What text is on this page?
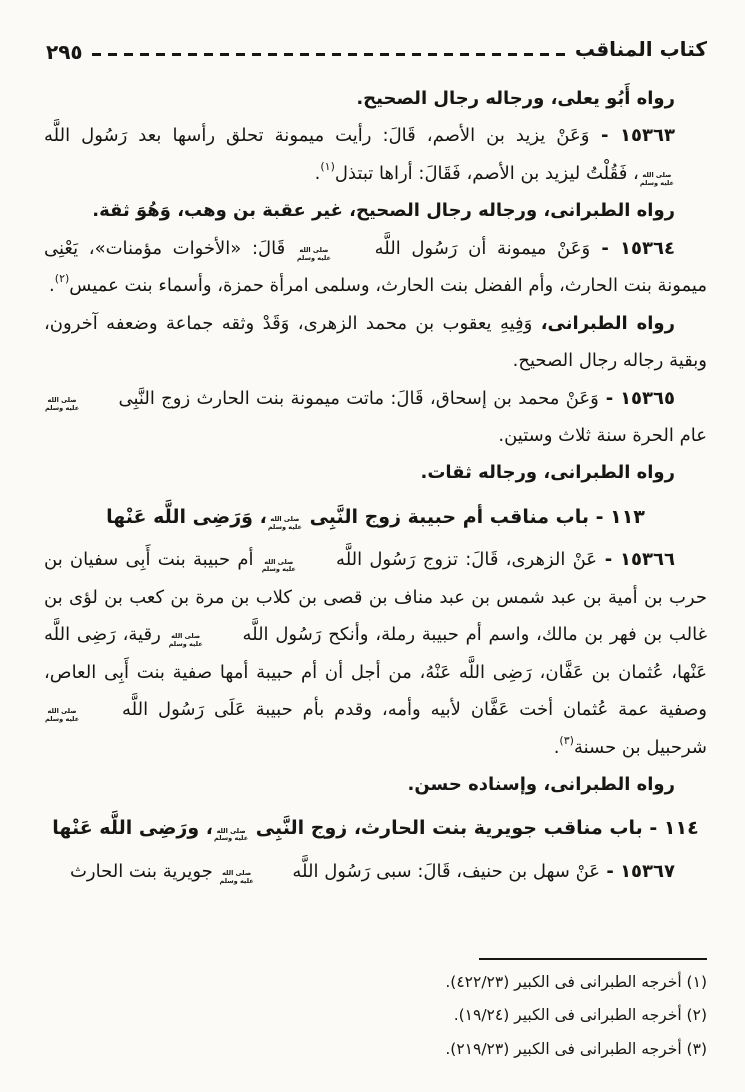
كتاب المناقب
٢٩٥

رواه أَبُو يعلى، ورجاله رجال الصحيح.

١٥٣٦٣ - وَعَنْ يزيد بن الأصم، قَالَ: رأيت ميمونة تحلق رأسها بعد رَسُول اللَّه
صلى الله
عليه وسلم
، فَقُلْتُ ليزيد بن الأصم، فَقَالَ: أراها تبتذل$^{(١)}$.

رواه الطبرانى، ورجاله رجال الصحيح، غير عقبة بن وهب، وَهُوَ ثقة.

١٥٣٦٤ - وَعَنْ ميمونة أن رَسُول اللَّه
صلى الله
عليه وسلم
قَالَ: «الأخوات مؤمنات»، يَعْنِى ميمونة بنت الحارث، وأم الفضل بنت الحارث، وسلمى امرأة حمزة، وأسماء بنت عميس$^{(٢)}$.

رواه الطبرانى، وَفِيهِ يعقوب بن محمد الزهرى، وَقَدْ وثقه جماعة وضعفه آخرون، وبقية رجاله رجال الصحيح.

١٥٣٦٥ - وَعَنْ محمد بن إسحاق، قَالَ: ماتت ميمونة بنت الحارث زوج النَّبِى
صلى الله
عليه وسلم
عام الحرة سنة ثلاث وستين.

رواه الطبرانى، ورجاله ثقات.

١١٣ - باب مناقب أم حبيبة زوج النَّبِى
صلى الله
عليه وسلم
، وَرَضِى اللَّه عَنْها

١٥٣٦٦ - عَنْ الزهرى، قَالَ: تزوج رَسُول اللَّه
صلى الله
عليه وسلم
أم حبيبة بنت أَبِى سفيان بن حرب بن أمية بن عبد شمس بن عبد مناف بن قصى بن كلاب بن مرة بن كعب بن لؤى بن غالب بن فهر بن مالك، واسم أم حبيبة رملة، وأنكح رَسُول اللَّه
صلى الله
عليه وسلم
رقية، رَضِى اللَّه عَنْها، عُثمان بن عَفَّان، رَضِى اللَّه عَنْهُ، من أجل أن أم حبيبة أمها صفية بنت أَبِى العاص، وصفية عمة عُثمان أخت عَفَّان لأبيه وأمه، وقدم بأم حبيبة عَلَى رَسُول اللَّه
صلى الله
عليه وسلم
شرحبيل بن حسنة$^{(٣)}$.

رواه الطبرانى، وإسناده حسن.

١١٤ - باب مناقب جويرية بنت الحارث، زوج النَّبِى
صلى الله
عليه وسلم
، ورَضِى اللَّه عَنْها

١٥٣٦٧ - عَنْ سهل بن حنيف، قَالَ: سبى رَسُول اللَّه
صلى الله
عليه وسلم
جويرية بنت الحارث

(١) أخرجه الطبرانى فى الكبير (٤٢٢/٢٣).
(٢) أخرجه الطبرانى فى الكبير (١٩/٢٤).
(٣) أخرجه الطبرانى فى الكبير (٢١٩/٢٣).
